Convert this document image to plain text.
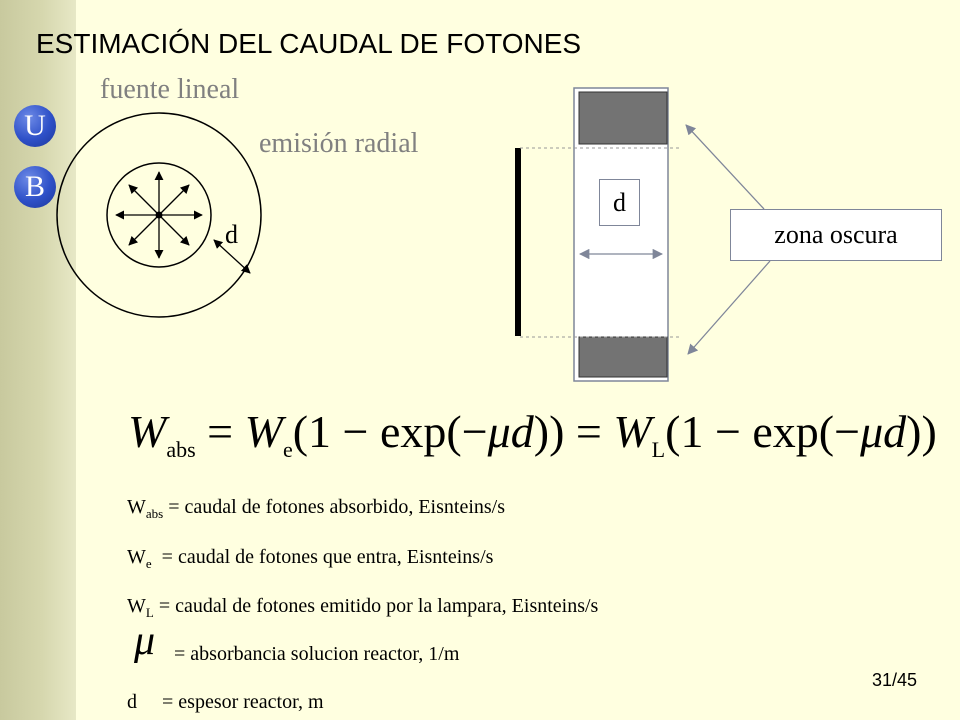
U
B
ESTIMACIÓN DEL CAUDAL DE FOTONES
fuente lineal
emisión radial
d
d
zona oscura
$W_{abs} = W_e(1 - \exp(-\mu d)) = W_L(1 - \exp(-\mu d))$
$W_{abs}$ = caudal de fotones absorbido, Eisnteins/s
$W_e$  = caudal de fotones que entra, Eisnteins/s
$W_L$ = caudal de fotones emitido por la lampara, Eisnteins/s
μ = absorbancia solucion reactor, 1/m
d     = espesor reactor, m
31/45
